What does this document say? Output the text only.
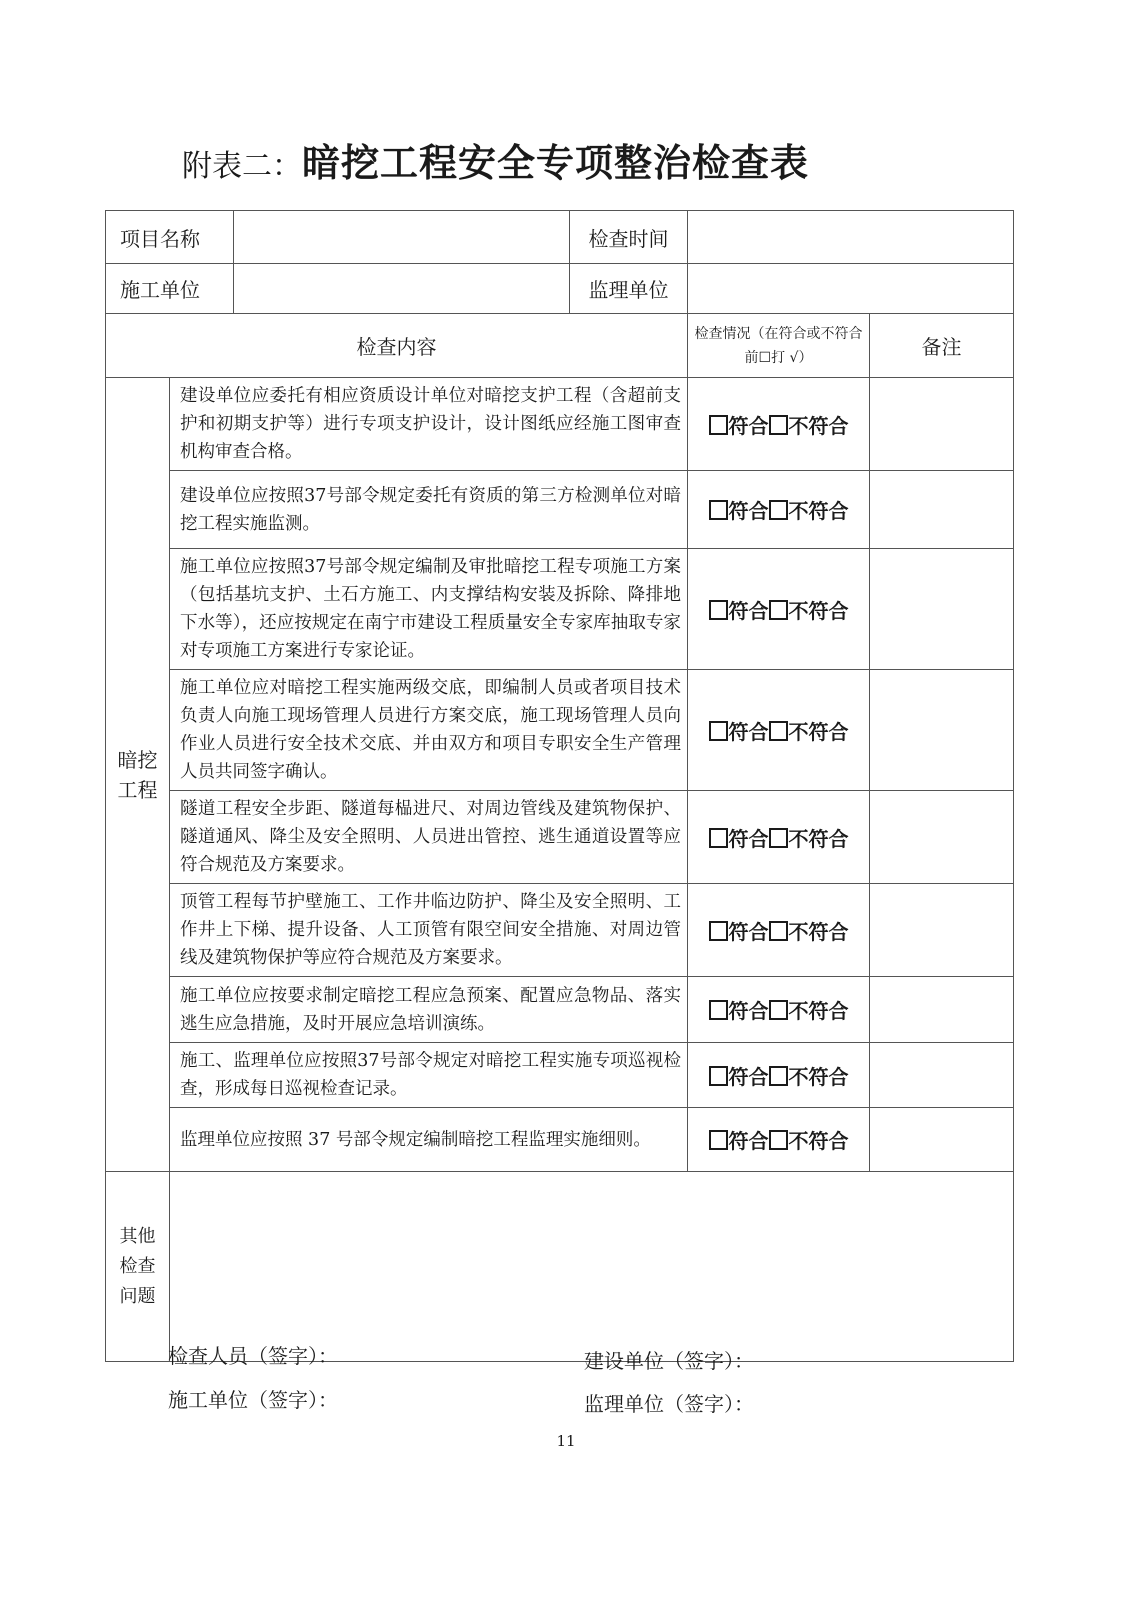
附表二：暗挖工程安全专项整治检查表
项目名称			检查时间		
施工单位			监理单位		
检查内容				检查情况（在符合或不符合前☐打 √）	备注
暗挖工程	建设单位应委托有相应资质设计单位对暗挖支护工程（含超前支护和初期支护等）进行专项支护设计，设计图纸应经施工图审查机构审查合格。			符合 不符合	
	建设单位应按照37号部令规定委托有资质的第三方检测单位对暗挖工程实施监测。			符合 不符合	
	施工单位应按照37号部令规定编制及审批暗挖工程专项施工方案（包括基坑支护、土石方施工、内支撑结构安装及拆除、降排地下水等），还应按规定在南宁市建设工程质量安全专家库抽取专家对专项施工方案进行专家论证。			符合 不符合	
	施工单位应对暗挖工程实施两级交底，即编制人员或者项目技术负责人向施工现场管理人员进行方案交底，施工现场管理人员向作业人员进行安全技术交底、并由双方和项目专职安全生产管理人员共同签字确认。			符合 不符合	
	隧道工程安全步距、隧道每榀进尺、对周边管线及建筑物保护、隧道通风、降尘及安全照明、人员进出管控、逃生通道设置等应符合规范及方案要求。			符合 不符合	
	顶管工程每节护壁施工、工作井临边防护、降尘及安全照明、工作井上下梯、提升设备、人工顶管有限空间安全措施、对周边管线及建筑物保护等应符合规范及方案要求。			符合 不符合	
	施工单位应按要求制定暗挖工程应急预案、配置应急物品、落实逃生应急措施，及时开展应急培训演练。			符合 不符合	
	施工、监理单位应按照37号部令规定对暗挖工程实施专项巡视检查，形成每日巡视检查记录。			符合 不符合	
	监理单位应按照 37 号部令规定编制暗挖工程监理实施细则。			符合 不符合	
其他检查问题					
检查人员（签字）：	建设单位（签字）：
施工单位（签字）：	监理单位（签字）：
11
